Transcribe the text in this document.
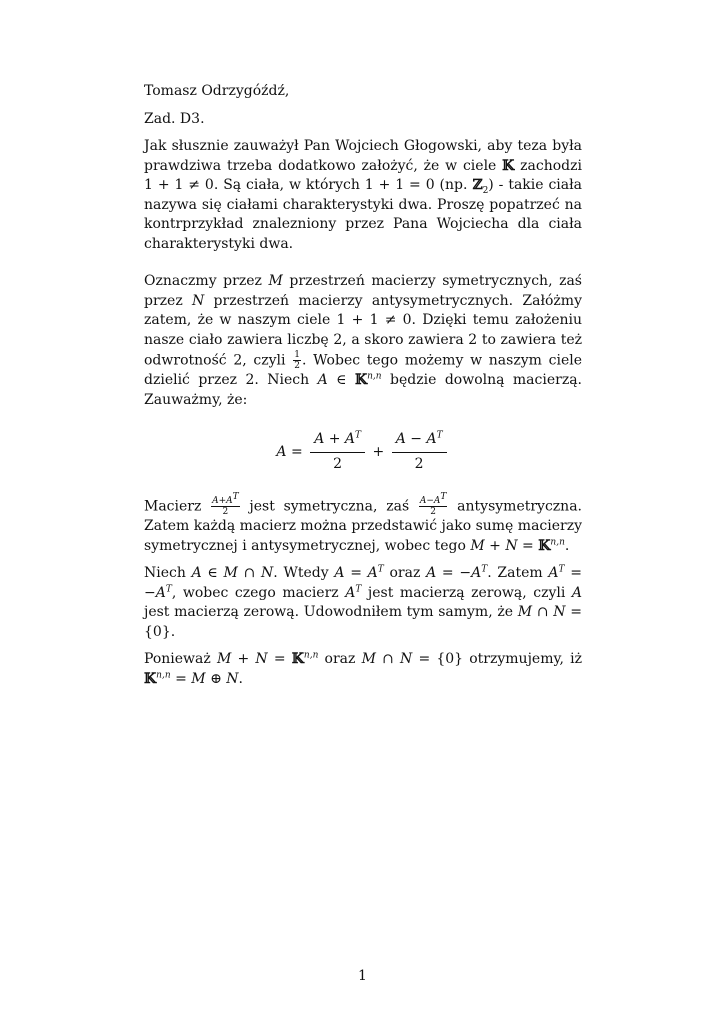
Tomasz Odrzygóźdź,

Zad. D3.

Jak słusznie zauważył Pan Wojciech Głogowski, aby teza była prawdziwa trzeba dodatkowo założyć, że w ciele 𝕂 zachodzi 1 + 1 ≠ 0. Są ciała, w których 1 + 1 = 0 (np. ℤ$_2$) - takie ciała nazywa się ciałami charakterystyki dwa. Proszę popatrzeć na kontrprzykład znalezniony przez Pana Wojciecha dla ciała charakterystyki dwa.

Oznaczmy przez M przestrzeń macierzy symetrycznych, zaś przez N przestrzeń macierzy antysymetrycznych. Załóżmy zatem, że w naszym ciele 1 + 1 ≠ 0. Dzięki temu założeniu nasze ciało zawiera liczbę 2, a skoro zawiera 2 to zawiera też odwrotność 2, czyli $\frac{1}{2}$ . Wobec tego możemy w naszym ciele dzielić przez 2. Niech A ∈ 𝕂$^{n,n}$ będzie dowolną macierzą. Zauważmy, że:

$A = \frac{A + A^T}{2} + \frac{A - A^T}{2}$

Macierz $\frac{A+A^T}{2}$ jest symetryczna, zaś $\frac{A-A^T}{2}$ antysymetryczna. Zatem każdą macierz można przedstawić jako sumę macierzy symetrycznej i antysymetrycznej, wobec tego M + N = 𝕂$^{n,n}$.

Niech A ∈ M ∩ N. Wtedy $A = A^T$ oraz $A = -A^T$. Zatem $A^T = -A^T$, wobec czego macierz $A^T$ jest macierzą zerową, czyli A jest macierzą zerową. Udowodniłem tym samym, że M ∩ N = {0}.

Ponieważ M + N = 𝕂$^{n,n}$ oraz M ∩ N = {0} otrzymujemy, iż 𝕂$^{n,n}$ = M ⊕ N.

1
